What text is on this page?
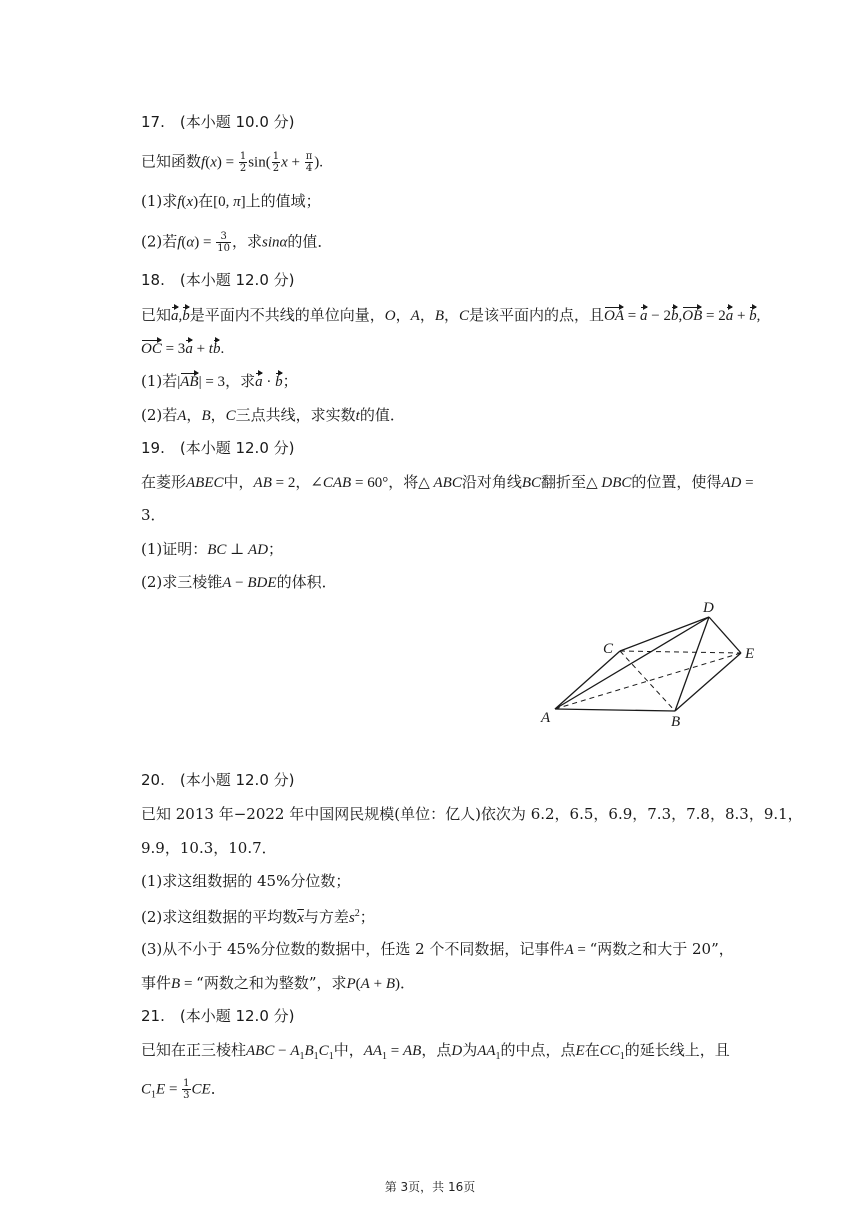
17.　(本小题 10.0 分)
已知函数$f(x) = \frac{1}{2} \sin( \frac{1}{2}$ $x + \frac{\pi}{4}$ ).
(1)求f(x)在[0, π]上的值域；
(2)若$f(\alpha) = \frac{3}{10}$ ，求sinα的值．
18.　(本小题 12.0 分)
已知a,b是平面内不共线的单位向量，O，A，B，C是该平面内的点，且OA = a − 2b,OB = 2a + b,
OC = 3a + tb.
(1)若|AB| = 3，求a · b；
(2)若A，B，C三点共线，求实数t的值．
19.　(本小题 12.0 分)
在菱形ABEC中，AB = 2，∠CAB = 60°，将△ ABC沿对角线BC翻折至△ DBC的位置，使得AD =
3．
(1)证明：BC ⊥ AD；
(2)求三棱锥A − BDE的体积．
A	B
C
D
E
20.　(本小题 12.0 分)
已知 2013 年−2022 年中国网民规模(单位：亿人)依次为 6.2，6.5，6.9，7.3，7.8，8.3，9.1，
9.9，10.3，10.7．
(1)求这组数据的 45%分位数；
(2)求这组数据的平均数$\overline{x}$与方差$s^2$；
(3)从不小于 45%分位数的数据中，任选 2 个不同数据，记事件A = “两数之和大于 20”，
事件B = “两数之和为整数”，求P(A + B)．
21.　(本小题 12.0 分)
已知在正三棱柱ABC − $A_1B_1C_1$中，$AA_1$ = AB，点D为$AA_1$的中点，点E在$CC_1$的延长线上，且
$C_1E = \frac{1}{3}$ CE．
第 3页，共 16页
